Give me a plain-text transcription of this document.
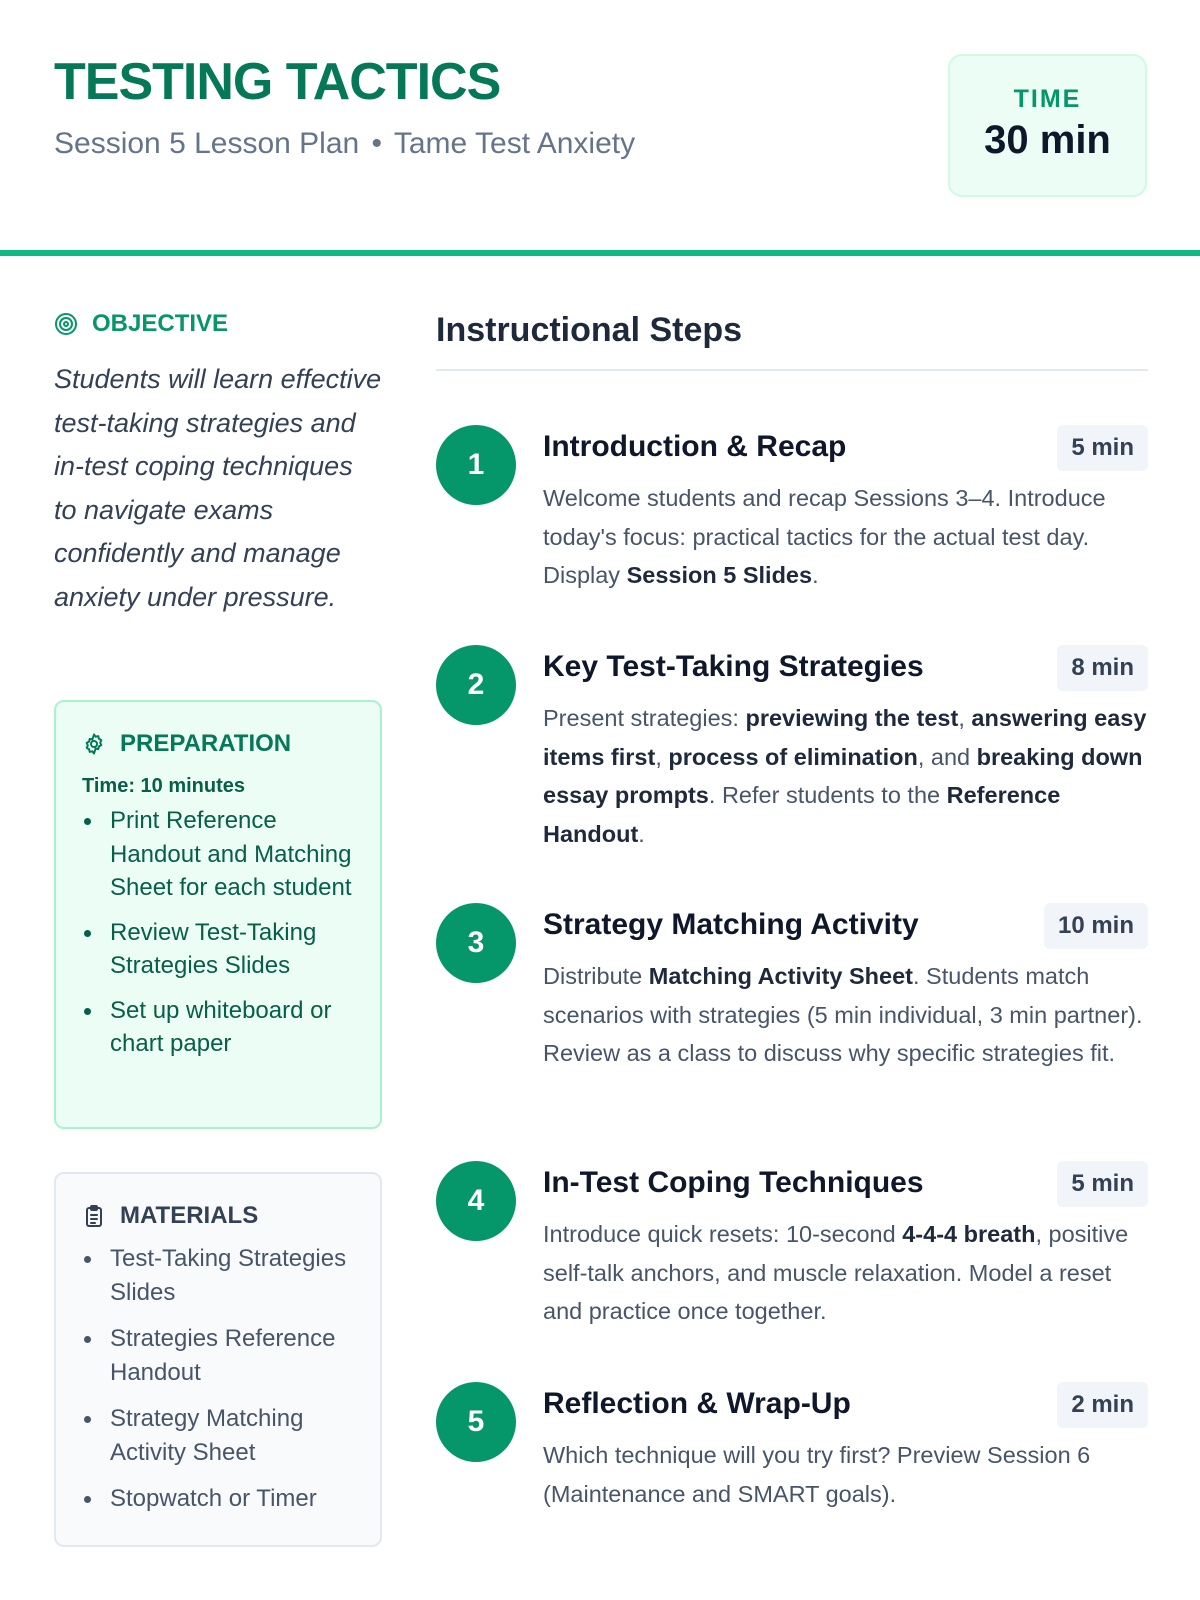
TESTING TACTICS
Session 5 Lesson Plan • Tame Test Anxiety
TIME
30 min
OBJECTIVE
Students will learn effective test-taking strategies and in-test coping techniques to navigate exams confidently and manage anxiety under pressure.
PREPARATION
Time: 10 minutes
Print Reference Handout and Matching Sheet for each student
Review Test-Taking Strategies Slides
Set up whiteboard or chart paper
MATERIALS
Test-Taking Strategies Slides
Strategies Reference Handout
Strategy Matching Activity Sheet
Stopwatch or Timer
Instructional Steps
1
Introduction & Recap	5 min
Welcome students and recap Sessions 3–4. Introduce today's focus: practical tactics for the actual test day. Display Session 5 Slides.
2
Key Test-Taking Strategies	8 min
Present strategies: previewing the test, answering easy items first, process of elimination, and breaking down essay prompts. Refer students to the Reference Handout.
3
Strategy Matching Activity	10 min
Distribute Matching Activity Sheet. Students match scenarios with strategies (5 min individual, 3 min partner). Review as a class to discuss why specific strategies fit.
4
In-Test Coping Techniques	5 min
Introduce quick resets: 10-second 4-4-4 breath, positive self-talk anchors, and muscle relaxation. Model a reset and practice once together.
5
Reflection & Wrap-Up	2 min
Which technique will you try first? Preview Session 6 (Maintenance and SMART goals).
